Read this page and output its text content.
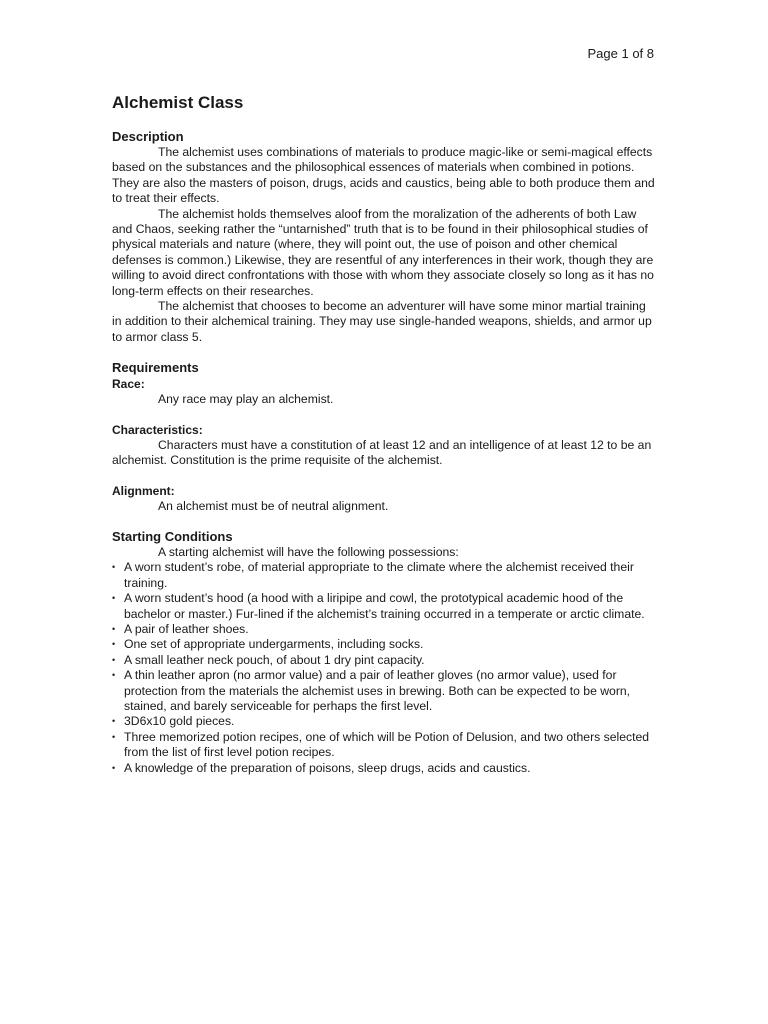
Page 1 of 8
Alchemist Class
Description

The alchemist uses combinations of materials to produce magic-like or semi-magical effects based on the substances and the philosophical essences of materials when combined in potions. They are also the masters of poison, drugs, acids and caustics, being able to both produce them and to treat their effects.

The alchemist holds themselves aloof from the moralization of the adherents of both Law and Chaos, seeking rather the “untarnished” truth that is to be found in their philosophical studies of physical materials and nature (where, they will point out, the use of poison and other chemical defenses is common.) Likewise, they are resentful of any interferences in their work, though they are willing to avoid direct confrontations with those with whom they associate closely so long as it has no long-term effects on their researches.

The alchemist that chooses to become an adventurer will have some minor martial training in addition to their alchemical training. They may use single-handed weapons, shields, and armor up to armor class 5.

Requirements
Race:

Any race may play an alchemist.

Characteristics:

Characters must have a constitution of at least 12 and an intelligence of at least 12 to be an alchemist. Constitution is the prime requisite of the alchemist.

Alignment:

An alchemist must be of neutral alignment.

Starting Conditions

A starting alchemist will have the following possessions:

• A worn student’s robe, of material appropriate to the climate where the alchemist received their training.
• A worn student’s hood (a hood with a liripipe and cowl, the prototypical academic hood of the bachelor or master.) Fur-lined if the alchemist’s training occurred in a temperate or arctic climate.
• A pair of leather shoes.
• One set of appropriate undergarments, including socks.
• A small leather neck pouch, of about 1 dry pint capacity.
• A thin leather apron (no armor value) and a pair of leather gloves (no armor value), used for protection from the materials the alchemist uses in brewing. Both can be expected to be worn, stained, and barely serviceable for perhaps the first level.
• 3D6x10 gold pieces.
• Three memorized potion recipes, one of which will be Potion of Delusion, and two others selected from the list of first level potion recipes.
• A knowledge of the preparation of poisons, sleep drugs, acids and caustics.
